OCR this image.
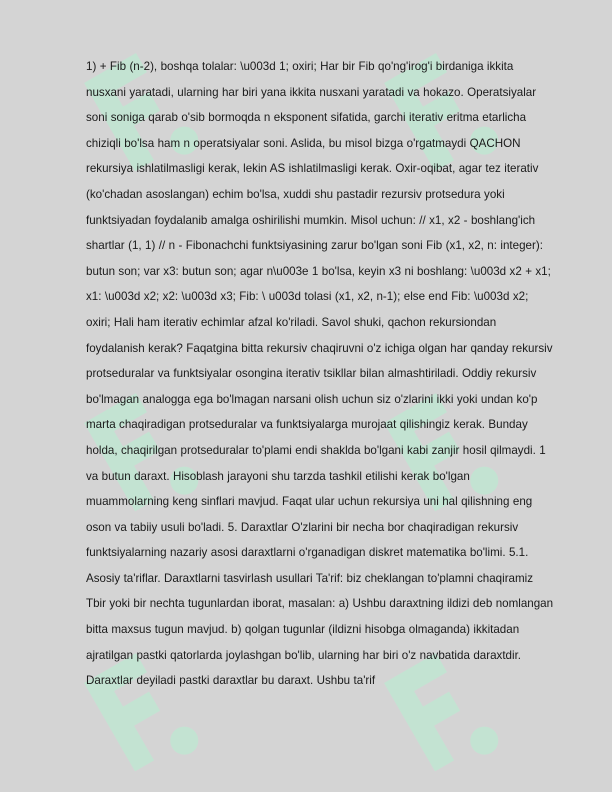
1) + Fib (n-2), boshqa tolalar: \u003d 1; oxiri; Har bir Fib qo'ng'irog'i birdaniga ikkita nusxani yaratadi, ularning har biri yana ikkita nusxani yaratadi va hokazo. Operatsiyalar soni soniga qarab o'sib bormoqda n eksponent sifatida, garchi iterativ eritma etarlicha chiziqli bo'lsa ham n operatsiyalar soni. Aslida, bu misol bizga o'rgatmaydi QACHON rekursiya ishlatilmasligi kerak, lekin AS ishlatilmasligi kerak. Oxir-oqibat, agar tez iterativ (ko'chadan asoslangan) echim bo'lsa, xuddi shu pastadir rezursiv protsedura yoki funktsiyadan foydalanib amalga oshirilishi mumkin. Misol uchun: // x1, x2 - boshlang'ich shartlar (1, 1) // n - Fibonachchi funktsiyasining zarur bo'lgan soni Fib (x1, x2, n: integer): butun son; var x3: butun son; agar n\u003e 1 bo'lsa, keyin x3 ni boshlang: \u003d x2 + x1; x1: \u003d x2; x2: \u003d x3; Fib: \ u003d tolasi (x1, x2, n-1); else end Fib: \u003d x2; oxiri; Hali ham iterativ echimlar afzal ko'riladi. Savol shuki, qachon rekursiondan foydalanish kerak? Faqatgina bitta rekursiv chaqiruvni o'z ichiga olgan har qanday rekursiv protseduralar va funktsiyalar osongina iterativ tsikllar bilan almashtiriladi. Oddiy rekursiv bo'lmagan analogga ega bo'lmagan narsani olish uchun siz o'zlarini ikki yoki undan ko'p marta chaqiradigan protseduralar va funktsiyalarga murojaat qilishingiz kerak. Bunday holda, chaqirilgan protseduralar to'plami endi shaklda bo'lgani kabi zanjir hosil qilmaydi. 1 va butun daraxt. Hisoblash jarayoni shu tarzda tashkil etilishi kerak bo'lgan muammolarning keng sinflari mavjud. Faqat ular uchun rekursiya uni hal qilishning eng oson va tabiiy usuli bo'ladi. 5. Daraxtlar O'zlarini bir necha bor chaqiradigan rekursiv funktsiyalarning nazariy asosi daraxtlarni o'rganadigan diskret matematika bo'limi. 5.1. Asosiy ta'riflar. Daraxtlarni tasvirlash usullari Ta'rif: biz cheklangan to'plamni chaqiramiz Tbir yoki bir nechta tugunlardan iborat, masalan: a) Ushbu daraxtning ildizi deb nomlangan bitta maxsus tugun mavjud. b) qolgan tugunlar (ildizni hisobga olmaganda) ikkitadan ajratilgan pastki qatorlarda joylashgan bo'lib, ularning har biri o'z navbatida daraxtdir. Daraxtlar deyiladi pastki daraxtlar bu daraxt. Ushbu ta'rif
